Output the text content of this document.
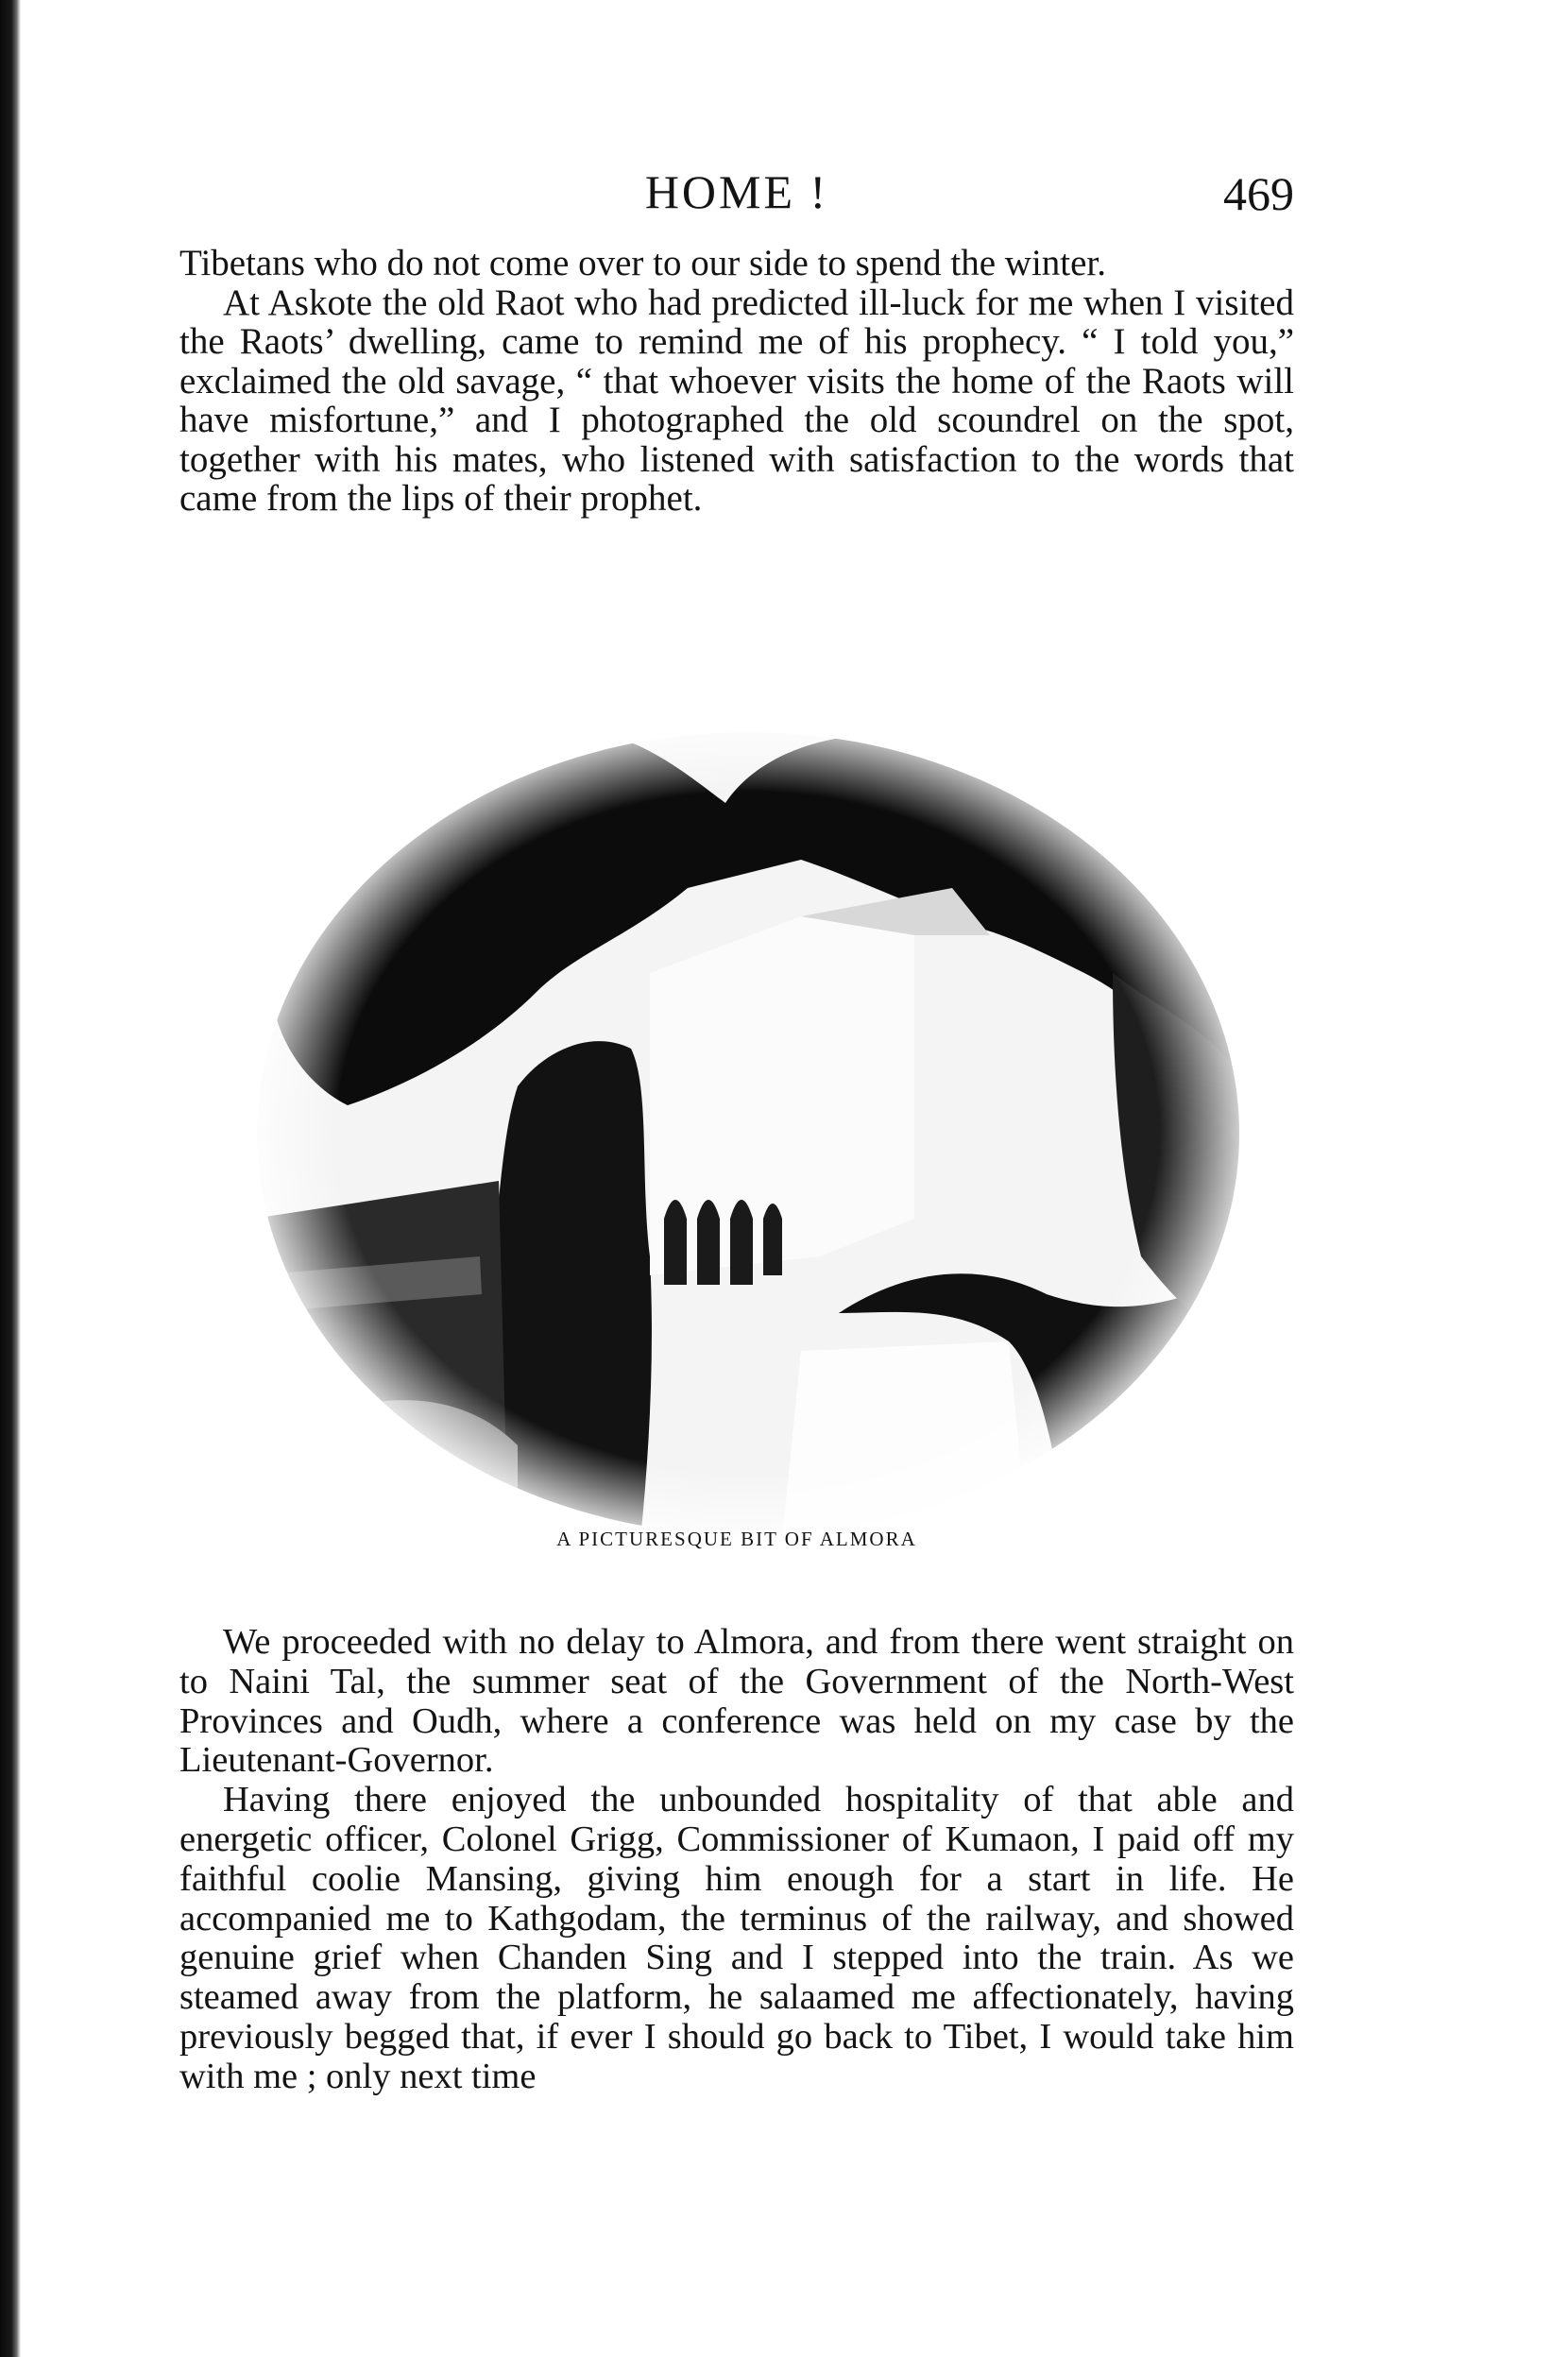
HOME !	469

Tibetans who do not come over to our side to spend the winter.

At Askote the old Raot who had predicted ill-luck for me when I visited the Raots’ dwelling, came to remind me of his prophecy. “ I told you,” exclaimed the old savage, “ that whoever visits the home of the Raots will have misfortune,” and I photographed the old scoundrel on the spot, together with his mates, who listened with satisfaction to the words that came from the lips of their prophet.

A PICTURESQUE BIT OF ALMORA

We proceeded with no delay to Almora, and from there went straight on to Naini Tal, the summer seat of the Government of the North-West Provinces and Oudh, where a conference was held on my case by the Lieutenant-Governor.

Having there enjoyed the unbounded hospitality of that able and energetic officer, Colonel Grigg, Commissioner of Kumaon, I paid off my faithful coolie Mansing, giving him enough for a start in life. He accompanied me to Kathgodam, the terminus of the railway, and showed genuine grief when Chanden Sing and I stepped into the train. As we steamed away from the platform, he salaamed me affectionately, having previously begged that, if ever I should go back to Tibet, I would take him with me ; only next time
